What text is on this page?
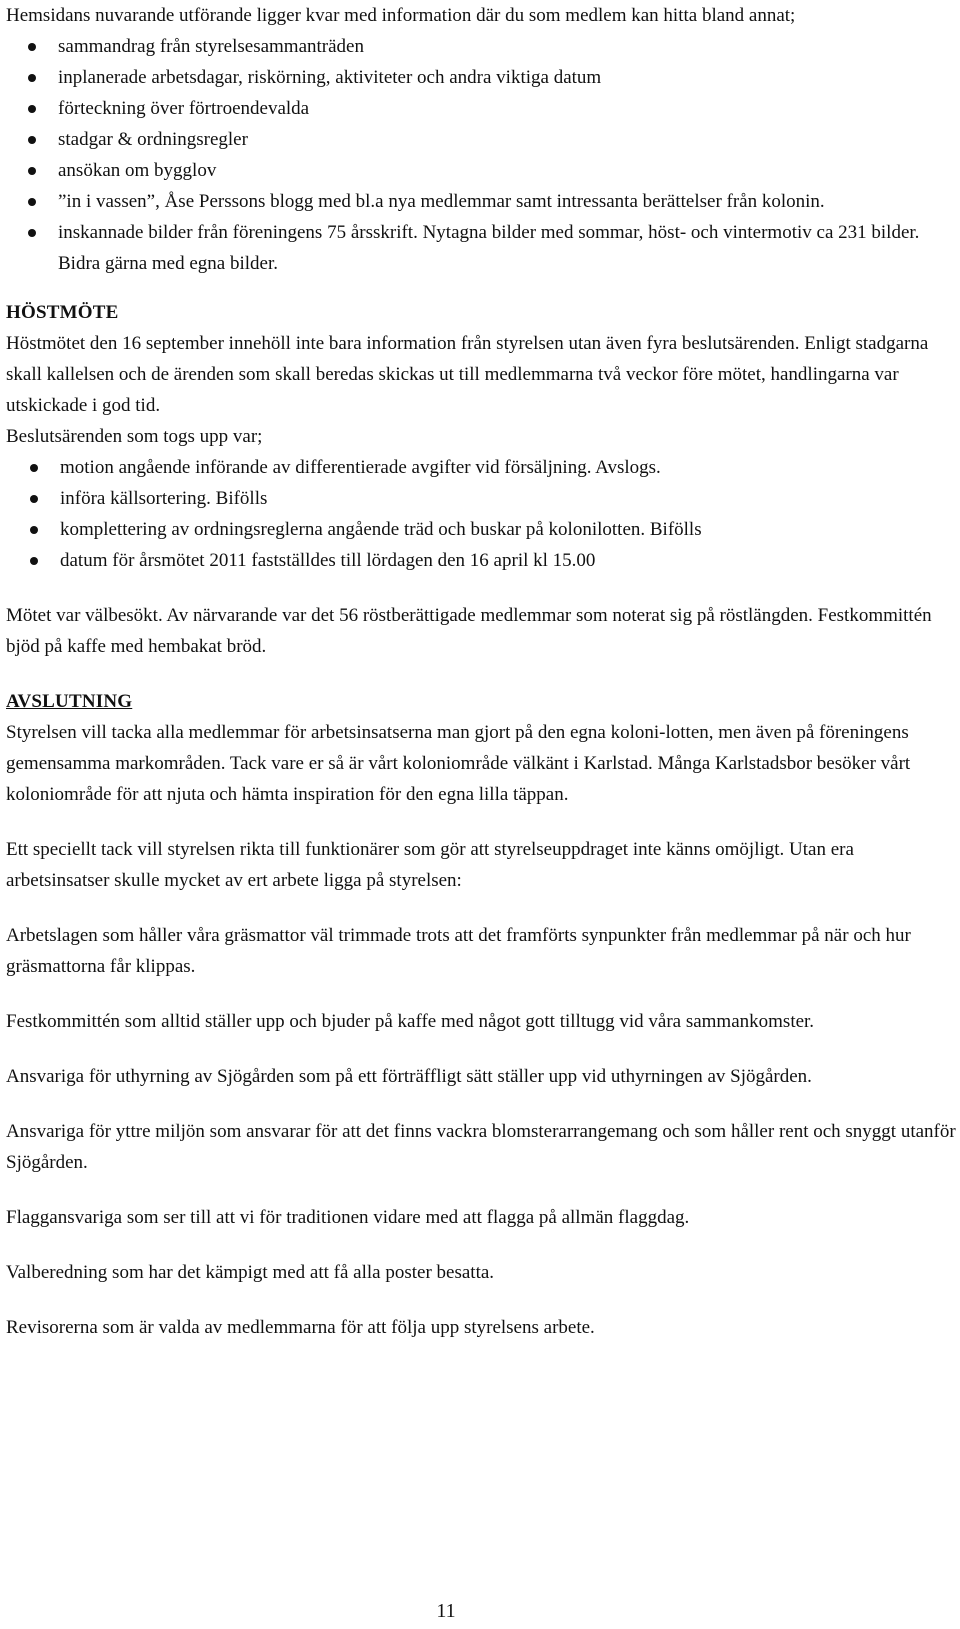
Hemsidans nuvarande utförande ligger kvar med information där du som medlem kan hitta bland annat;

sammandrag från styrelsesammanträden
inplanerade arbetsdagar, riskörning, aktiviteter och andra viktiga datum
förteckning över förtroendevalda
stadgar & ordningsregler
ansökan om bygglov
”in i vassen”, Åse Perssons blogg med bl.a nya medlemmar samt intressanta berättelser från kolonin.
inskannade bilder från föreningens 75 årsskrift. Nytagna bilder med sommar, höst- och vintermotiv ca 231 bilder. Bidra gärna med egna bilder.

HÖSTMÖTE

Höstmötet den 16 september innehöll inte bara information från styrelsen utan även fyra beslutsärenden. Enligt stadgarna skall kallelsen och de ärenden som skall beredas skickas ut till medlemmarna två veckor före mötet, handlingarna var utskickade i god tid.

Beslutsärenden som togs upp var;

motion angående införande av differentierade avgifter vid försäljning. Avslogs.
införa källsortering. Bifölls
komplettering av ordningsreglerna angående träd och buskar på kolonilotten. Bifölls
datum för årsmötet 2011 fastställdes till lördagen den 16 april kl 15.00

Mötet var välbesökt. Av närvarande var det 56 röstberättigade medlemmar som noterat sig på röstlängden. Festkommittén bjöd på kaffe med hembakat bröd.

AVSLUTNING

Styrelsen vill tacka alla medlemmar för arbetsinsatserna man gjort på den egna koloni-lotten, men även på föreningens gemensamma markområden. Tack vare er så är vårt koloniområde välkänt i Karlstad. Många Karlstadsbor besöker vårt koloniområde för att njuta och hämta inspiration för den egna lilla täppan.

Ett speciellt tack vill styrelsen rikta till funktionärer som gör att styrelseuppdraget inte känns omöjligt. Utan era arbetsinsatser skulle mycket av ert arbete ligga på styrelsen:

Arbetslagen som håller våra gräsmattor väl trimmade trots att det framförts synpunkter från medlemmar på när och hur gräsmattorna får klippas.

Festkommittén som alltid ställer upp och bjuder på kaffe med något gott tilltugg vid våra sammankomster.

Ansvariga för uthyrning av Sjögården som på ett förträffligt sätt ställer upp vid uthyrningen av Sjögården.

Ansvariga för yttre miljön som ansvarar för att det finns vackra blomsterarrangemang och som håller rent och snyggt utanför Sjögården.

Flaggansvariga som ser till att vi för traditionen vidare med att flagga på allmän flaggdag.

Valberedning som har det kämpigt med att få alla poster besatta.

Revisorerna som är valda av medlemmarna för att följa upp styrelsens arbete.

11
